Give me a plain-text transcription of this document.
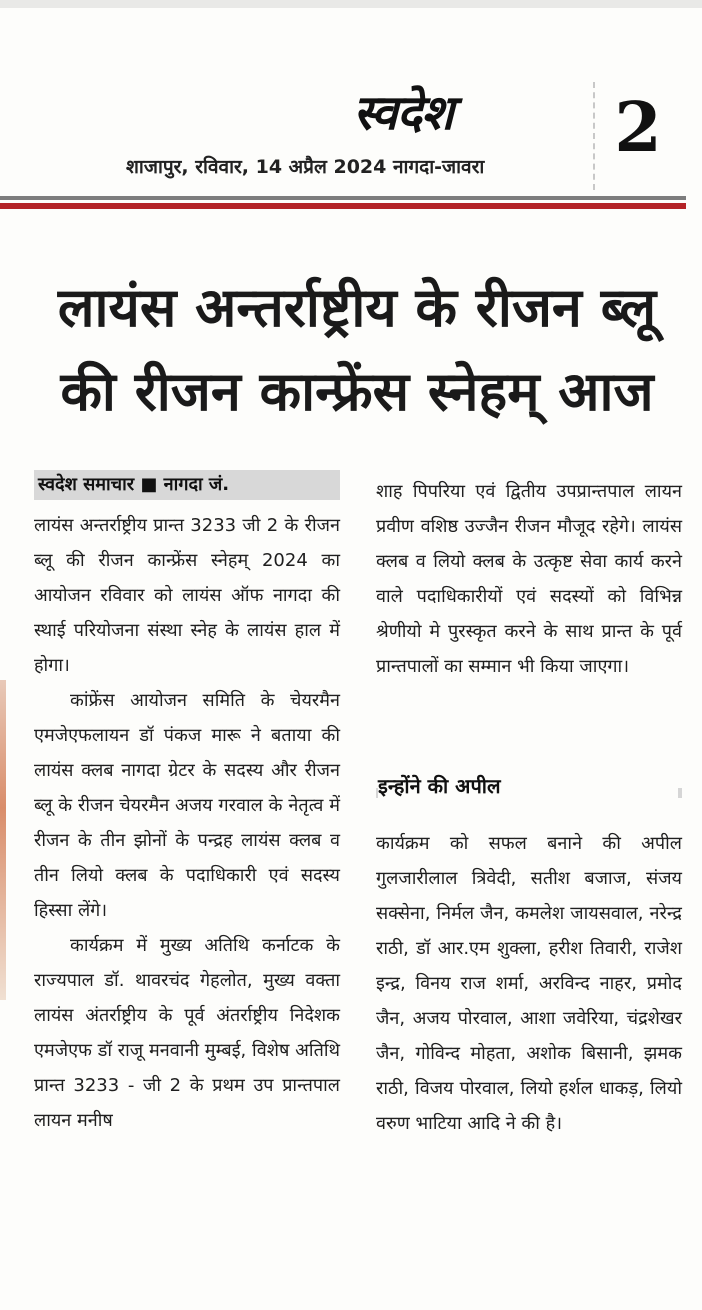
स्वदेश
शाजापुर, रविवार, 14 अप्रैल 2024 नागदा-जावरा	2
लायंस अन्तर्राष्ट्रीय के रीजन ब्लू
की रीजन कान्फ्रेंस स्नेहम् आज
स्वदेश समाचार ■ नागदा जं.

लायंस अन्तर्राष्ट्रीय प्रान्त 3233 जी 2 के रीजन ब्लू की रीजन कान्फ्रेंस स्नेहम् 2024 का आयोजन रविवार को लायंस ऑफ नागदा की स्थाई परियोजना संस्था स्नेह के लायंस हाल में होगा।

कांफ्रेंस आयोजन समिति के चेयरमैन एमजेएफलायन डॉ पंकज मारू ने बताया की लायंस क्लब नागदा ग्रेटर के सदस्य और रीजन ब्लू के रीजन चेयरमैन अजय गरवाल के नेतृत्व में रीजन के तीन झोनों के पन्द्रह लायंस क्लब व तीन लियो क्लब के पदाधिकारी एवं सदस्य हिस्सा लेंगे।

कार्यक्रम में मुख्य अतिथि कर्नाटक के राज्यपाल डॉ. थावरचंद गेहलोत, मुख्य वक्ता लायंस अंतर्राष्ट्रीय के पूर्व अंतर्राष्ट्रीय निदेशक एमजेएफ डॉ राजू मनवानी मुम्बई, विशेष अतिथि प्रान्त 3233 - जी 2 के प्रथम उप प्रान्तपाल लायन मनीष

शाह पिपरिया एवं द्वितीय उपप्रान्तपाल लायन प्रवीण वशिष्ठ उज्जैन रीजन मौजूद रहेगे। लायंस क्लब व लियो क्लब के उत्कृष्ट सेवा कार्य करने वाले पदाधिकारीयों एवं सदस्यों को विभिन्न श्रेणीयो मे पुरस्कृत करने के साथ प्रान्त के पूर्व प्रान्तपालों का सम्मान भी किया जाएगा।

इन्होंने की अपील

कार्यक्रम को सफल बनाने की अपील गुलजारीलाल त्रिवेदी, सतीश बजाज, संजय सक्सेना, निर्मल जैन, कमलेश जायसवाल, नरेन्द्र राठी, डॉ आर.एम शुक्ला, हरीश तिवारी, राजेश इन्द्र, विनय राज शर्मा, अरविन्द नाहर, प्रमोद जैन, अजय पोरवाल, आशा जवेरिया, चंद्रशेखर जैन, गोविन्द मोहता, अशोक बिसानी, झमक राठी, विजय पोरवाल, लियो हर्शल धाकड़, लियो वरुण भाटिया आदि ने की है।
